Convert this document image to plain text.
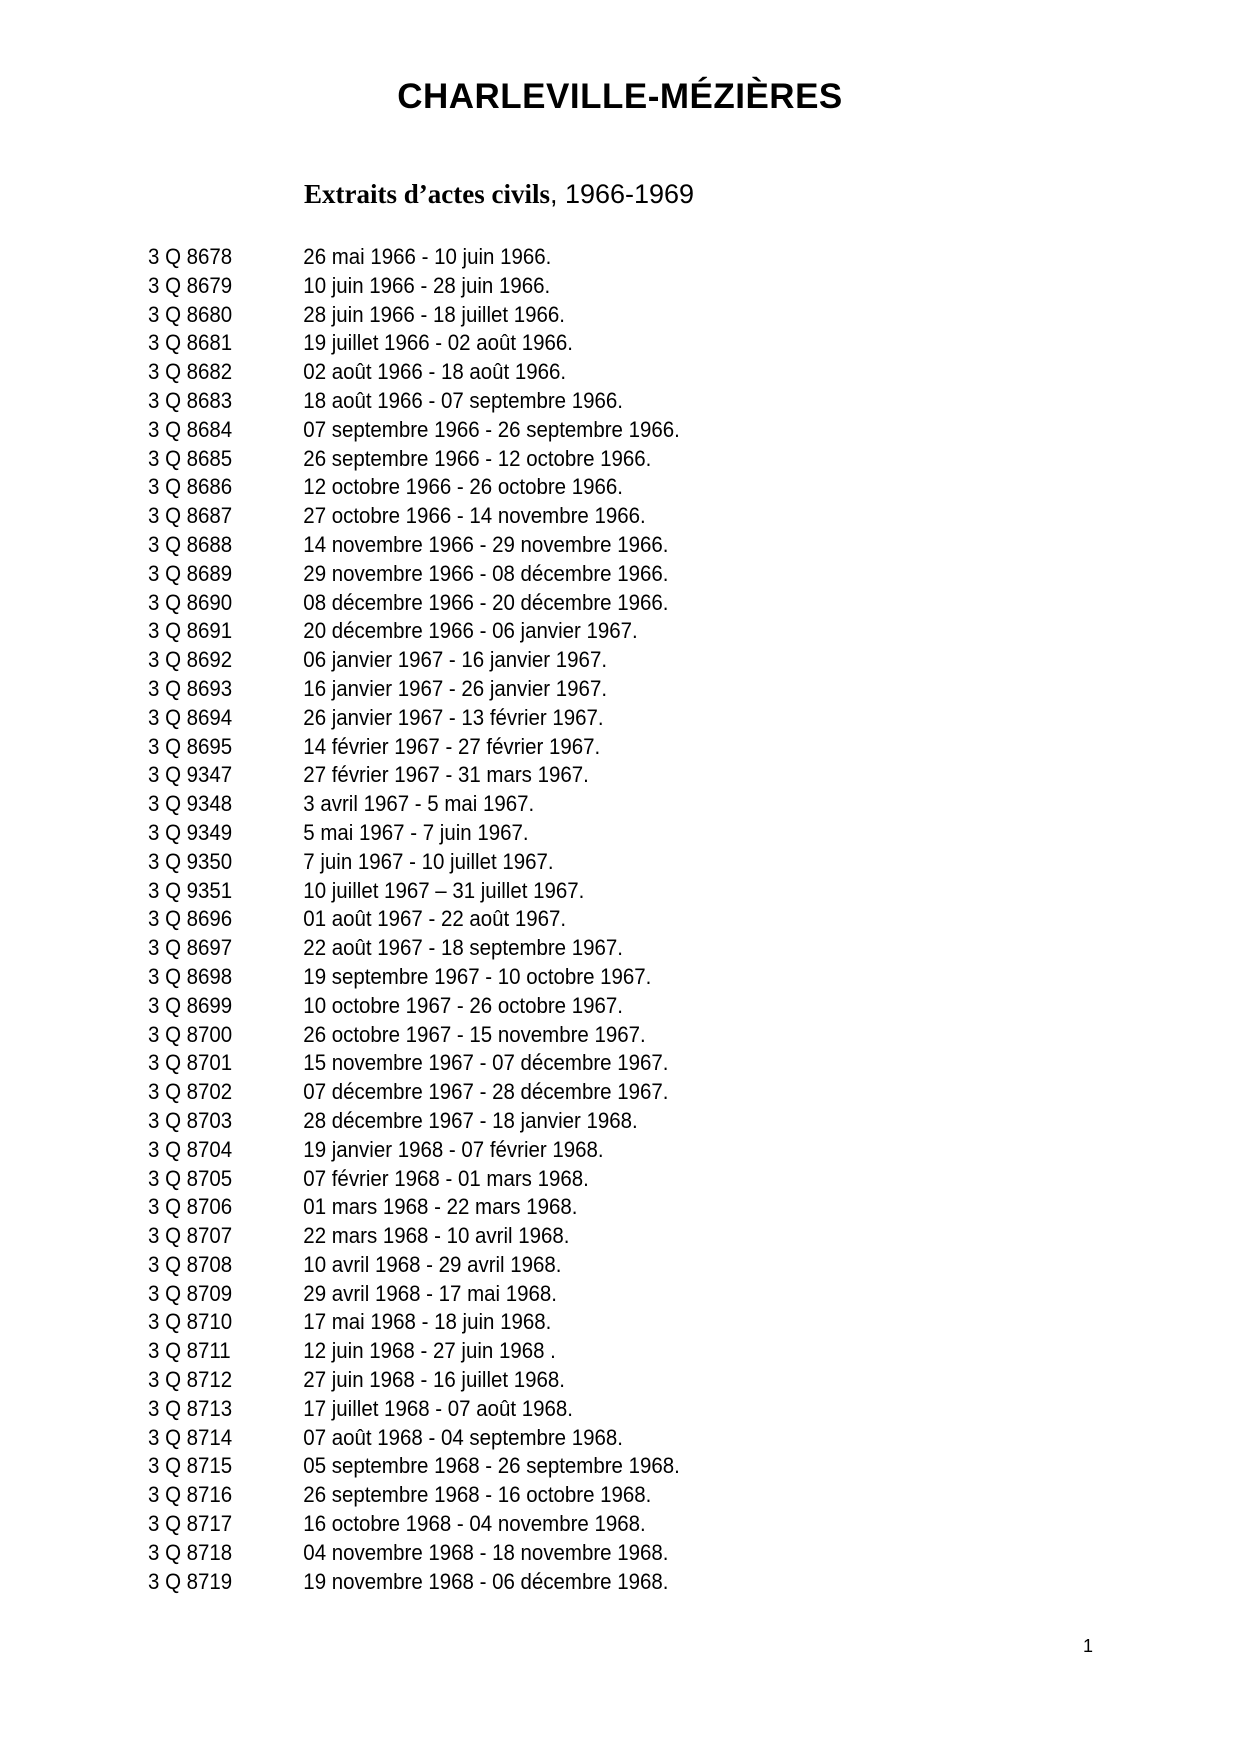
CHARLEVILLE-MÉZIÈRES
Extraits d’actes civils, 1966-1969
3 Q 8678	26 mai 1966 - 10 juin 1966.
3 Q 8679	10 juin 1966 - 28 juin 1966.
3 Q 8680	28 juin 1966 - 18 juillet 1966.
3 Q 8681	19 juillet 1966 - 02 août 1966.
3 Q 8682	02 août 1966 - 18 août 1966.
3 Q 8683	18 août 1966 - 07 septembre 1966.
3 Q 8684	07 septembre 1966 - 26 septembre 1966.
3 Q 8685	26 septembre 1966 - 12 octobre 1966.
3 Q 8686	12 octobre 1966 - 26 octobre 1966.
3 Q 8687	27 octobre 1966 - 14 novembre 1966.
3 Q 8688	14 novembre 1966 - 29 novembre 1966.
3 Q 8689	29 novembre 1966 - 08 décembre 1966.
3 Q 8690	08 décembre 1966 - 20 décembre 1966.
3 Q 8691	20 décembre 1966 - 06 janvier 1967.
3 Q 8692	06 janvier 1967 - 16 janvier 1967.
3 Q 8693	16 janvier 1967 - 26 janvier 1967.
3 Q 8694	26 janvier 1967 - 13 février 1967.
3 Q 8695	14 février 1967 - 27 février 1967.
3 Q 9347	27 février 1967 - 31 mars 1967.
3 Q 9348	3 avril 1967 - 5 mai 1967.
3 Q 9349	5 mai 1967 - 7 juin 1967.
3 Q 9350	7 juin 1967 - 10 juillet 1967.
3 Q 9351	10 juillet 1967 – 31 juillet 1967.
3 Q 8696	01 août 1967 - 22 août 1967.
3 Q 8697	22 août 1967 - 18 septembre 1967.
3 Q 8698	19 septembre 1967 - 10 octobre 1967.
3 Q 8699	10 octobre 1967 - 26 octobre 1967.
3 Q 8700	26 octobre 1967 - 15 novembre 1967.
3 Q 8701	15 novembre 1967 - 07 décembre 1967.
3 Q 8702	07 décembre 1967 - 28 décembre 1967.
3 Q 8703	28 décembre 1967 - 18 janvier 1968.
3 Q 8704	19 janvier 1968 - 07 février 1968.
3 Q 8705	07 février 1968 - 01 mars 1968.
3 Q 8706	01 mars 1968 - 22 mars 1968.
3 Q 8707	22 mars 1968 - 10 avril 1968.
3 Q 8708	10 avril 1968 - 29 avril 1968.
3 Q 8709	29 avril 1968 - 17 mai 1968.
3 Q 8710	17 mai 1968 - 18 juin 1968.
3 Q 8711	12 juin 1968 - 27 juin 1968 .
3 Q 8712	27 juin 1968 - 16 juillet 1968.
3 Q 8713	17 juillet 1968 - 07 août 1968.
3 Q 8714	07 août 1968 - 04 septembre 1968.
3 Q 8715	05 septembre 1968 - 26 septembre 1968.
3 Q 8716	26 septembre 1968 - 16 octobre 1968.
3 Q 8717	16 octobre 1968 - 04 novembre 1968.
3 Q 8718	04 novembre 1968 - 18 novembre 1968.
3 Q 8719	19 novembre 1968 - 06 décembre 1968.
1
